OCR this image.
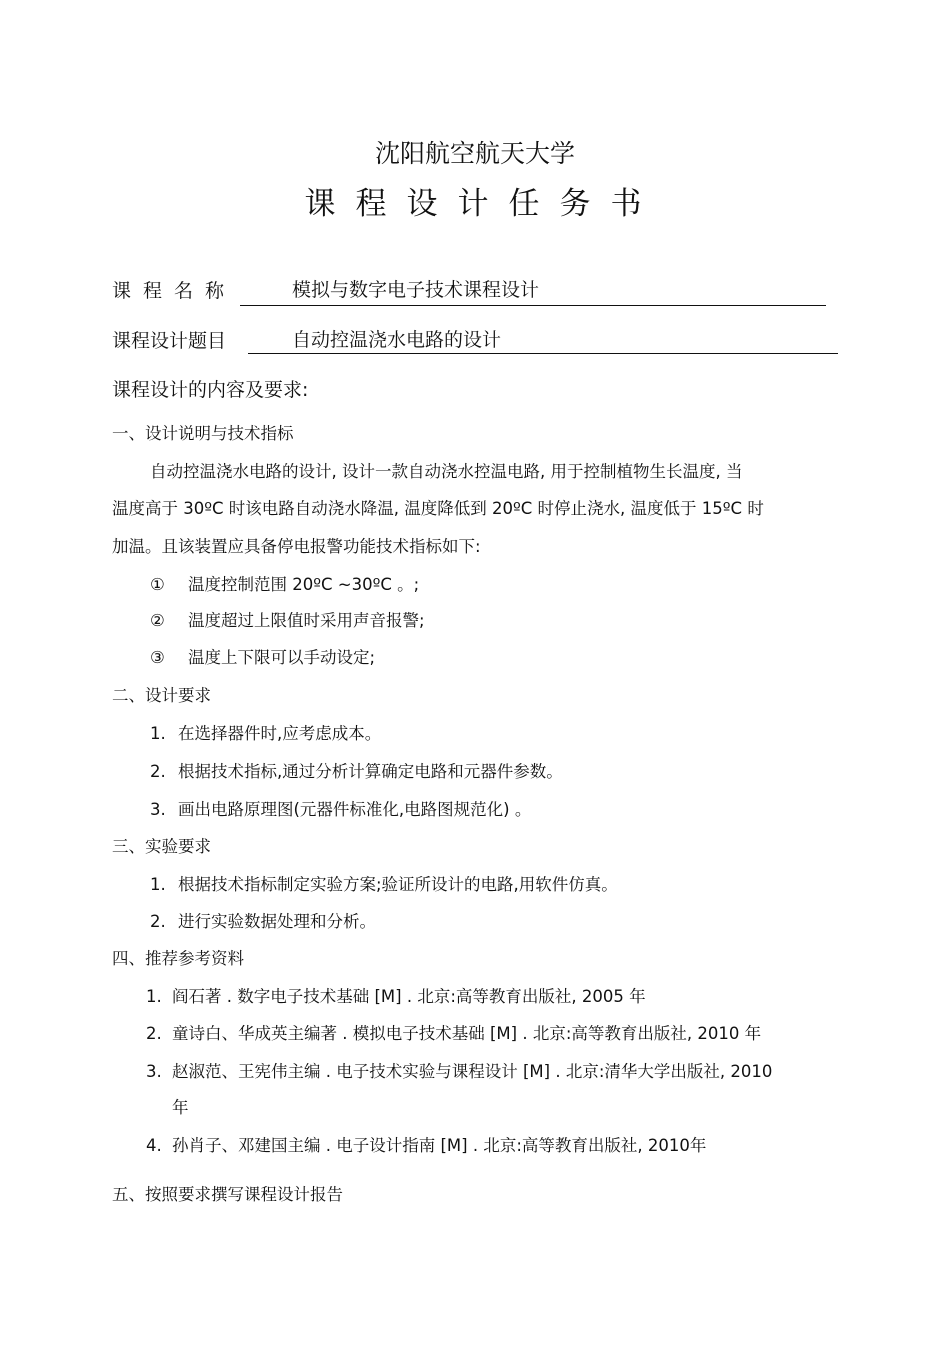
沈阳航空航天大学
课程设计任务书
课程名称	模拟与数字电子技术课程设计
课程设计题目	自动控温浇水电路的设计
课程设计的内容及要求:
一、设计说明与技术指标
自动控温浇水电路的设计, 设计一款自动浇水控温电路, 用于控制植物生长温度, 当
温度高于 30ºC 时该电路自动浇水降温, 温度降低到 20ºC 时停止浇水, 温度低于 15ºC 时
加温。且该装置应具备停电报警功能技术指标如下:
① 温度控制范围 20ºC ~30ºC 。;
② 温度超过上限值时采用声音报警;
③ 温度上下限可以手动设定;
二、设计要求
1. 在选择器件时,应考虑成本。
2. 根据技术指标,通过分析计算确定电路和元器件参数。
3. 画出电路原理图(元器件标准化,电路图规范化) 。
三、实验要求
1. 根据技术指标制定实验方案;验证所设计的电路,用软件仿真。
2. 进行实验数据处理和分析。
四、推荐参考资料
1. 阎石著 . 数字电子技术基础 [M] . 北京:高等教育出版社, 2005 年
2. 童诗白、华成英主编著 . 模拟电子技术基础 [M] . 北京:高等教育出版社, 2010 年
3. 赵淑范、王宪伟主编 . 电子技术实验与课程设计 [M] . 北京:清华大学出版社, 2010
年
4. 孙肖子、邓建国主编 . 电子设计指南 [M] . 北京:高等教育出版社, 2010年
五、按照要求撰写课程设计报告
